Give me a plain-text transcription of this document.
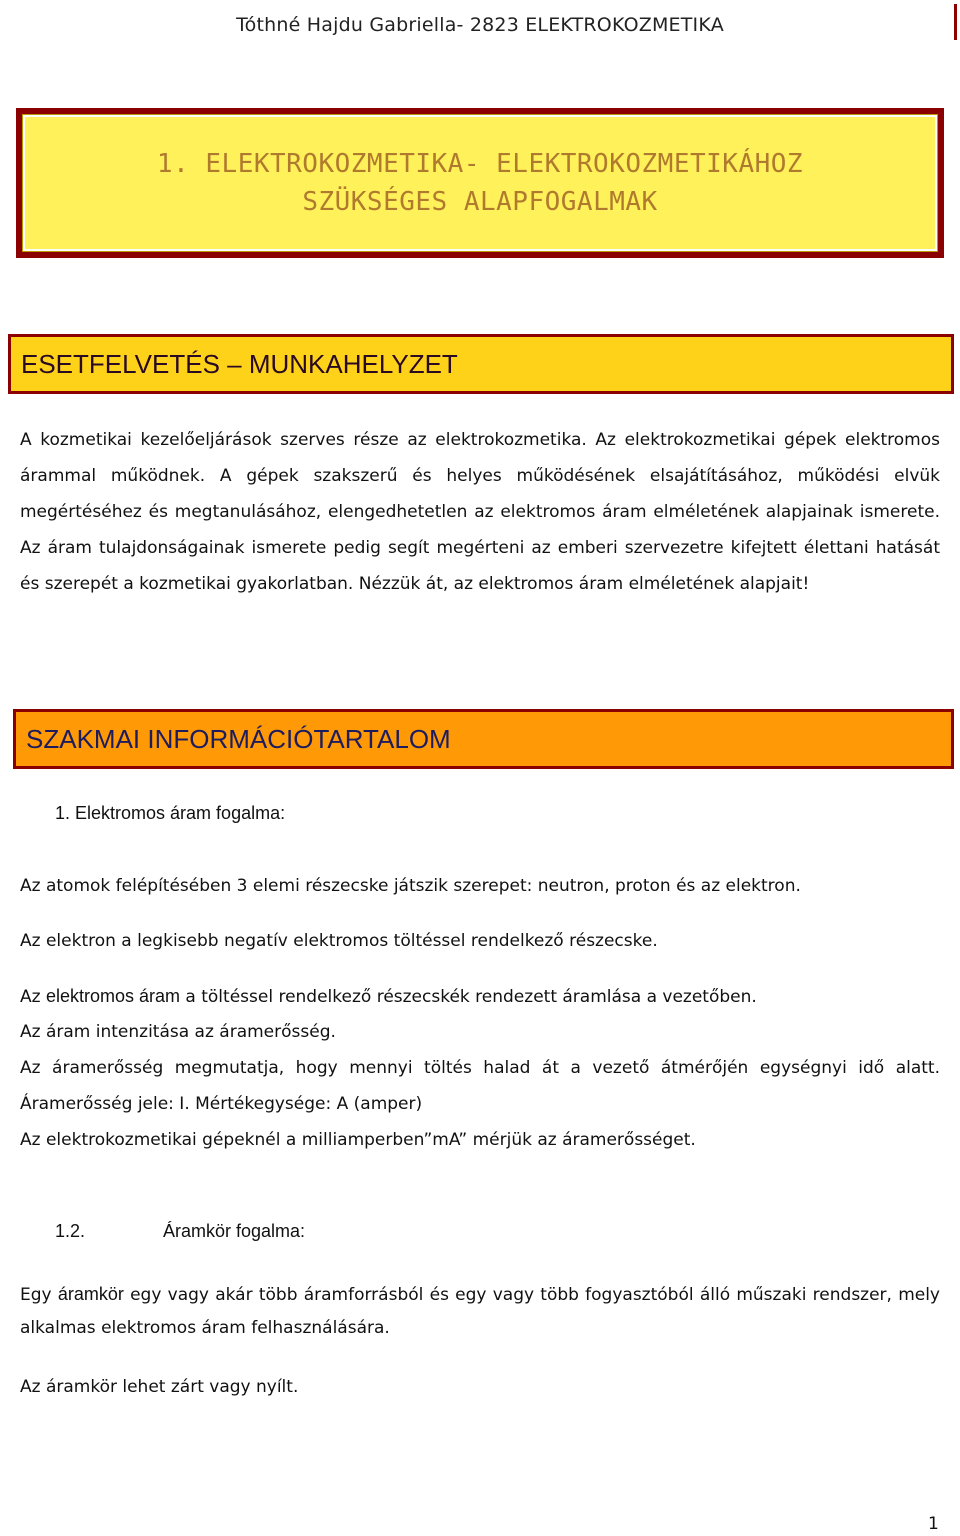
Tóthné Hajdu Gabriella- 2823 ELEKTROKOZMETIKA
1. ELEKTROKOZMETIKA- ELEKTROKOZMETIKÁHOZ
SZÜKSÉGES ALAPFOGALMAK
ESETFELVETÉS – MUNKAHELYZET
A kozmetikai kezelőeljárások szerves része az elektrokozmetika. Az elektrokozmetikai gépek elektromos árammal működnek. A gépek szakszerű és helyes működésének elsajátításához, működési elvük megértéséhez és megtanulásához, elengedhetetlen az elektromos áram elméletének alapjainak ismerete. Az áram tulajdonságainak ismerete pedig segít megérteni az emberi szervezetre kifejtett élettani hatását és szerepét a kozmetikai gyakorlatban. Nézzük át, az elektromos áram elméletének alapjait!
SZAKMAI INFORMÁCIÓTARTALOM
1. Elektromos áram fogalma:
Az atomok felépítésében 3 elemi részecske játszik szerepet: neutron, proton és az elektron.
Az elektron a legkisebb negatív elektromos töltéssel rendelkező részecske.
Az elektromos áram a töltéssel rendelkező részecskék rendezett áramlása a vezetőben.
Az áram intenzitása az áramerősség.
Az áramerősség megmutatja, hogy mennyi töltés halad át a vezető átmérőjén egységnyi idő alatt. Áramerősség jele: I. Mértékegysége: A (amper)
Az elektrokozmetikai gépeknél a milliamperben”mA” mérjük az áramerősséget.
1.2.	Áramkör fogalma:
Egy áramkör egy vagy akár több áramforrásból és egy vagy több fogyasztóból álló műszaki rendszer, mely alkalmas elektromos áram felhasználására.
Az áramkör lehet zárt vagy nyílt.
1
